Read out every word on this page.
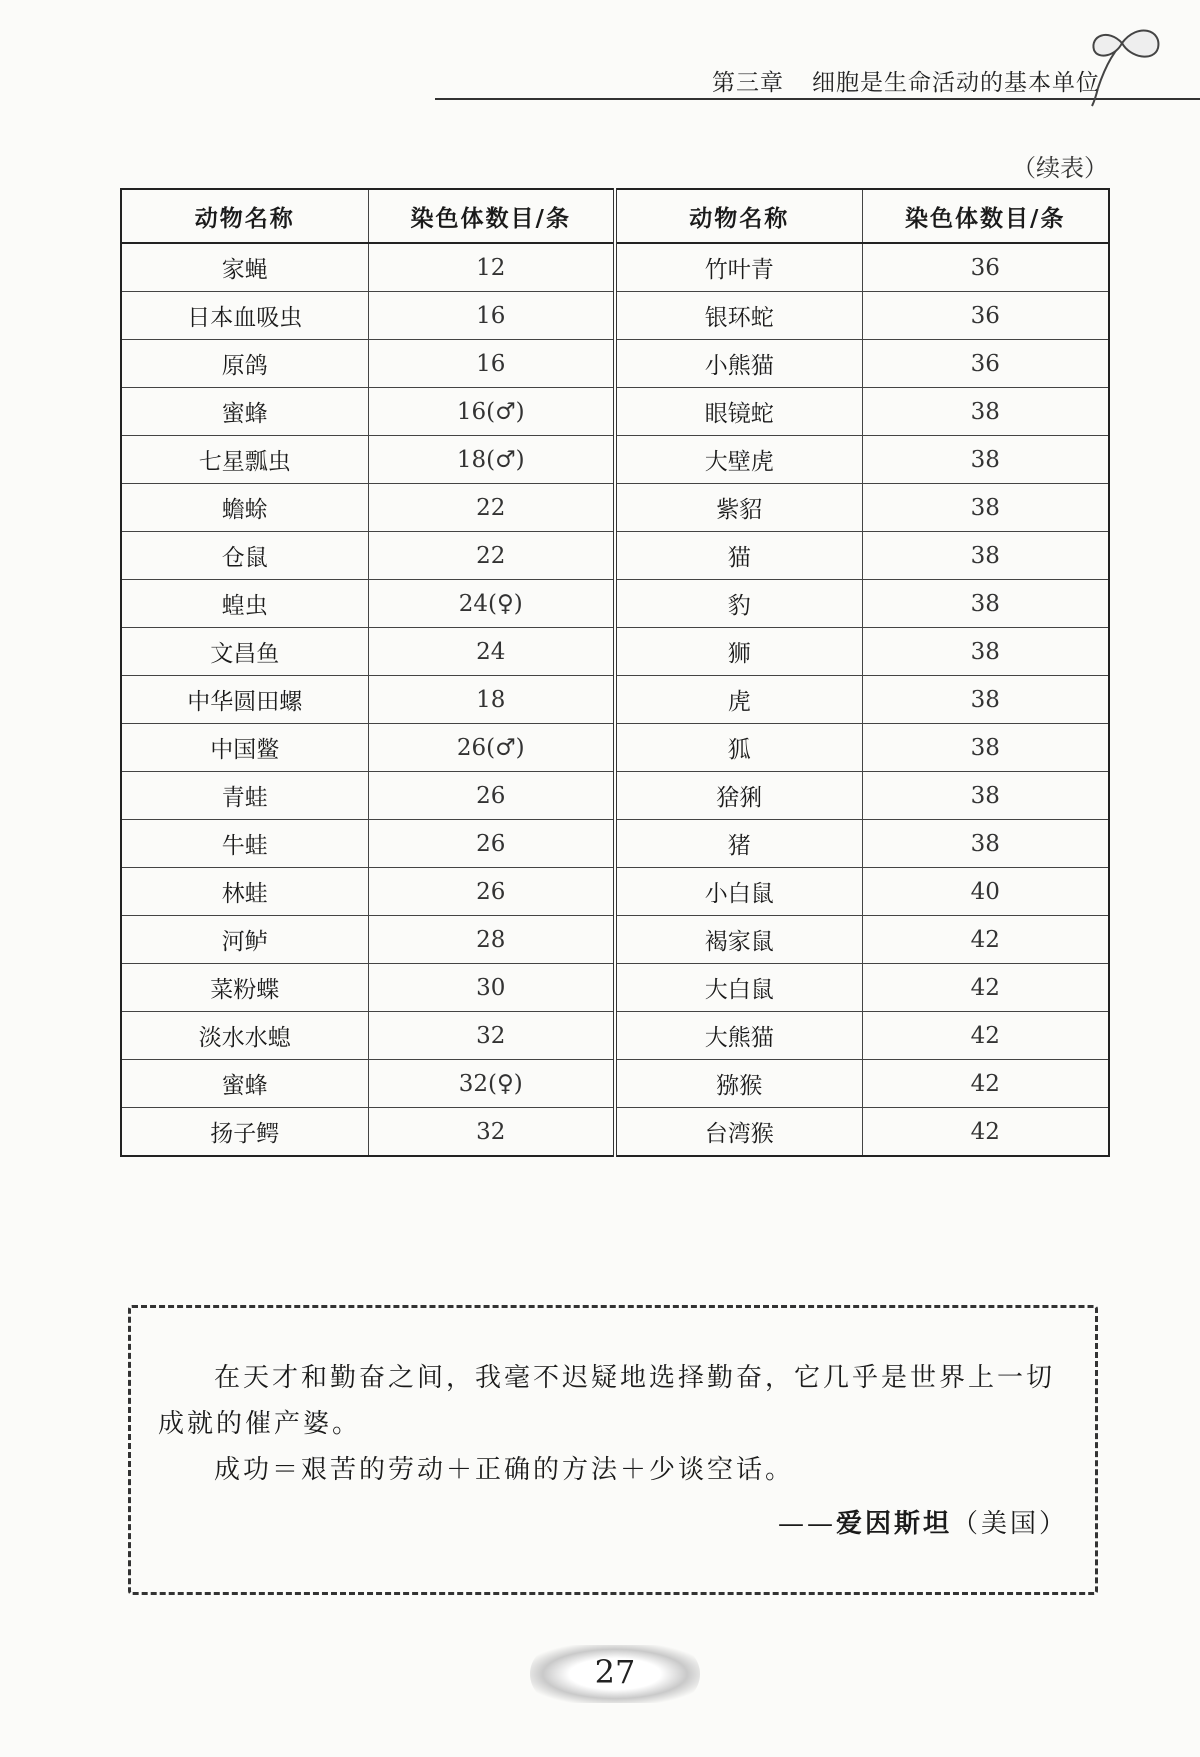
第三章 细胞是生命活动的基本单位
（续表）
动物名称	染色体数目/条	动物名称	染色体数目/条
家蝇	12	竹叶青	36
日本血吸虫	16	银环蛇	36
原鸽	16	小熊猫	36
蜜蜂	16(♂)	眼镜蛇	38
七星瓢虫	18(♂)	大壁虎	38
蟾蜍	22	紫貂	38
仓鼠	22	猫	38
蝗虫	24(♀)	豹	38
文昌鱼	24	狮	38
中华圆田螺	18	虎	38
中国鳖	26(♂)	狐	38
青蛙	26	猞猁	38
牛蛙	26	猪	38
林蛙	26	小白鼠	40
河鲈	28	褐家鼠	42
菜粉蝶	30	大白鼠	42
淡水水螅	32	大熊猫	42
蜜蜂	32(♀)	猕猴	42
扬子鳄	32	台湾猴	42

在天才和勤奋之间，我毫不迟疑地选择勤奋，它几乎是世界上一切成就的催产婆。

成功＝艰苦的劳动＋正确的方法＋少谈空话。

——爱因斯坦（美国）

27
